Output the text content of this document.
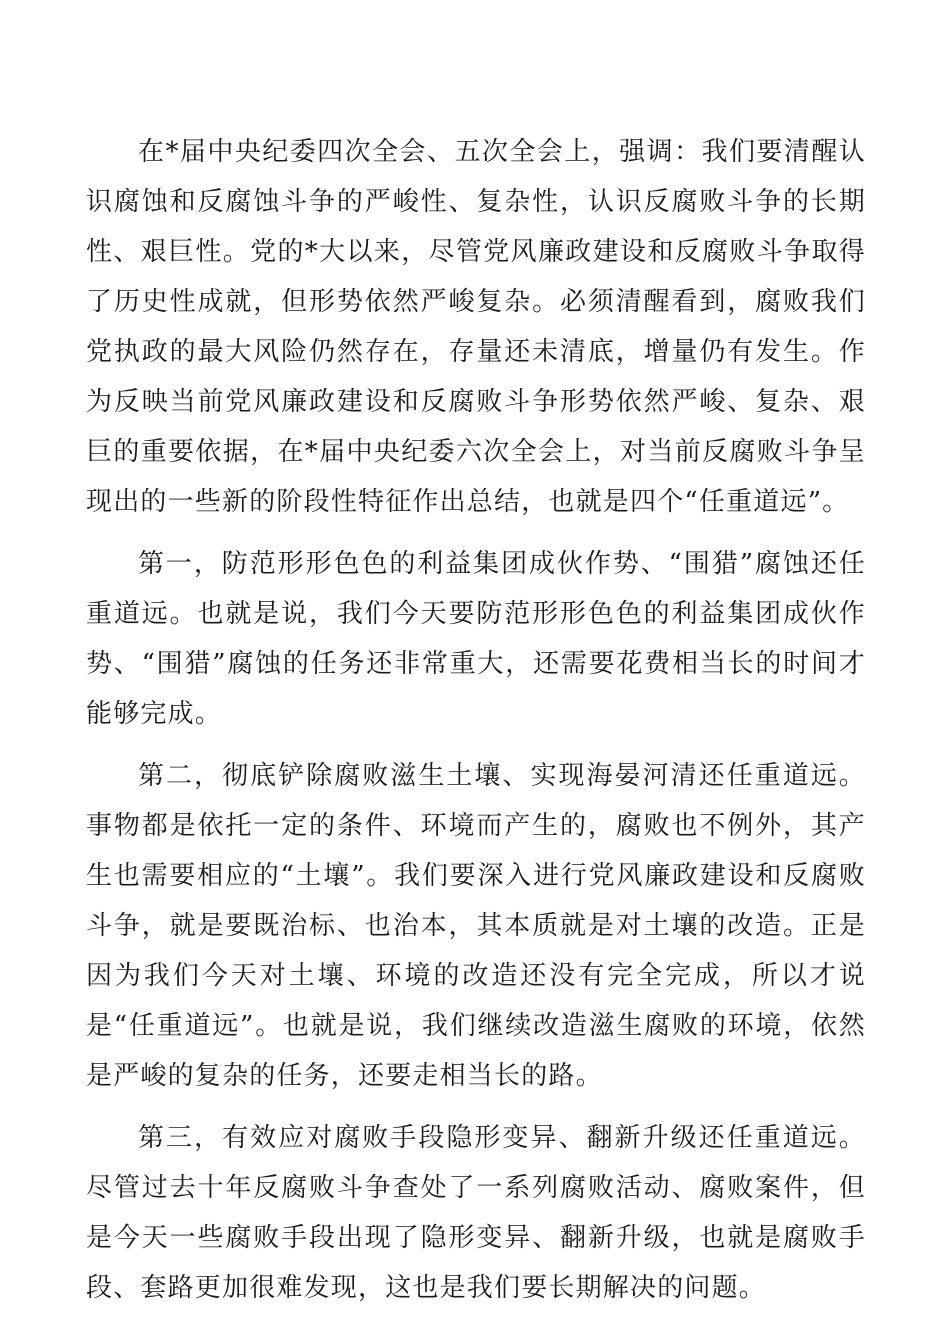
在*届中央纪委四次全会、五次全会上，强调：我们要清醒认识腐蚀和反腐蚀斗争的严峻性、复杂性，认识反腐败斗争的长期性、艰巨性。党的*大以来，尽管党风廉政建设和反腐败斗争取得了历史性成就，但形势依然严峻复杂。必须清醒看到，腐败我们党执政的最大风险仍然存在，存量还未清底，增量仍有发生。作为反映当前党风廉政建设和反腐败斗争形势依然严峻、复杂、艰巨的重要依据，在*届中央纪委六次全会上，对当前反腐败斗争呈现出的一些新的阶段性特征作出总结，也就是四个“任重道远”。

第一，防范形形色色的利益集团成伙作势、“围猎”腐蚀还任重道远。也就是说，我们今天要防范形形色色的利益集团成伙作势、“围猎”腐蚀的任务还非常重大，还需要花费相当长的时间才能够完成。

第二，彻底铲除腐败滋生土壤、实现海晏河清还任重道远。事物都是依托一定的条件、环境而产生的，腐败也不例外，其产生也需要相应的“土壤”。我们要深入进行党风廉政建设和反腐败斗争，就是要既治标、也治本，其本质就是对土壤的改造。正是因为我们今天对土壤、环境的改造还没有完全完成，所以才说是“任重道远”。也就是说，我们继续改造滋生腐败的环境，依然是严峻的复杂的任务，还要走相当长的路。

第三，有效应对腐败手段隐形变异、翻新升级还任重道远。尽管过去十年反腐败斗争查处了一系列腐败活动、腐败案件，但是今天一些腐败手段出现了隐形变异、翻新升级，也就是腐败手段、套路更加很难发现，这也是我们要长期解决的问题。
